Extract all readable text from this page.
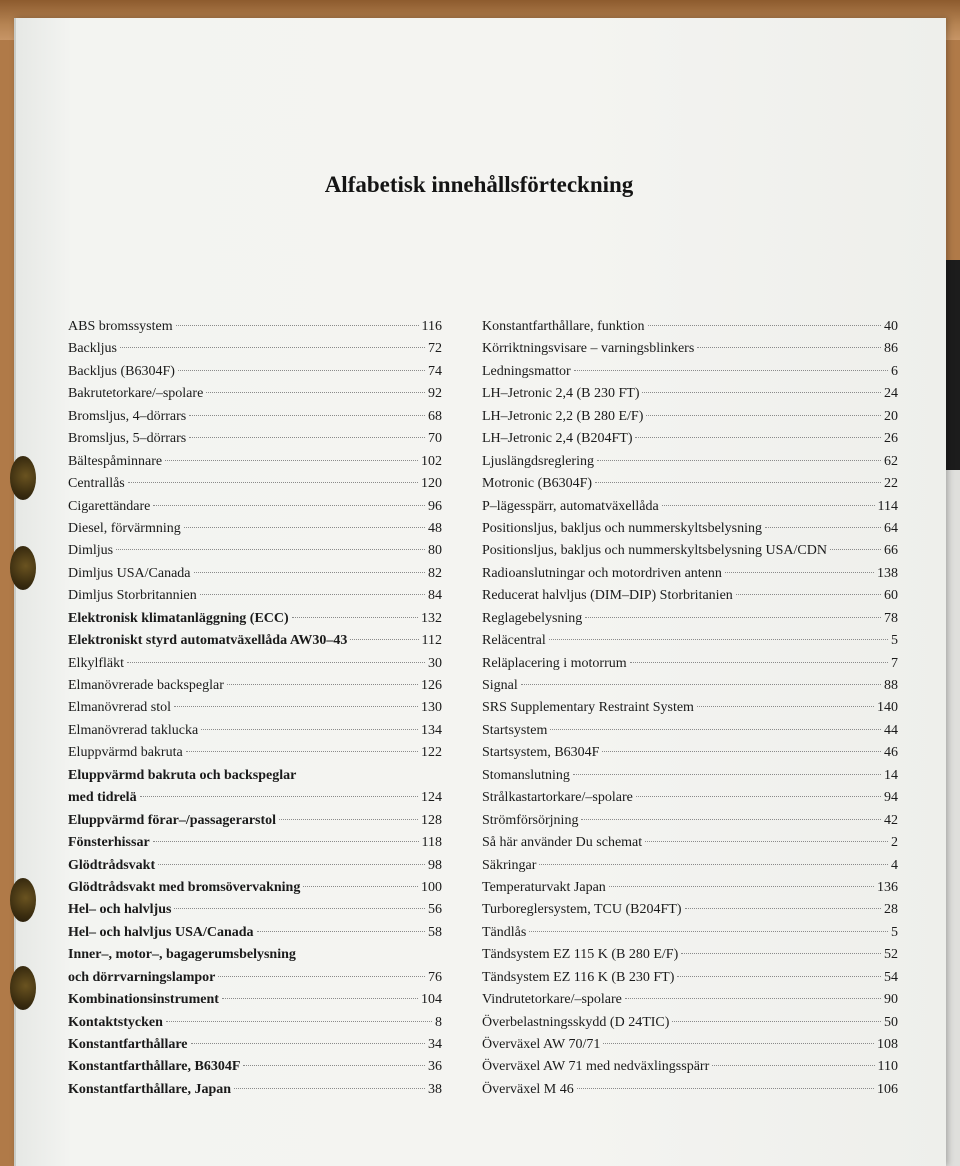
Alfabetisk innehållsförteckning
ABS bromssystem	116
Backljus	72
Backljus (B6304F)	74
Bakrutetorkare/–spolare	92
Bromsljus, 4–dörrars	68
Bromsljus, 5–dörrars	70
Bältespåminnare	102
Centrallås	120
Cigarettändare	96
Diesel, förvärmning	48
Dimljus	80
Dimljus USA/Canada	82
Dimljus Storbritannien	84
Elektronisk klimatanläggning (ECC)	132
Elektroniskt styrd automatväxellåda AW30–43	112
Elkylfläkt	30
Elmanövrerade backspeglar	126
Elmanövrerad stol	130
Elmanövrerad taklucka	134
Eluppvärmd bakruta	122
Eluppvärmd bakruta och backspeglar
med tidrelä	124
Eluppvärmd förar–/passagerarstol	128
Fönsterhissar	118
Glödtrådsvakt	98
Glödtrådsvakt med bromsövervakning	100
Hel– och halvljus	56
Hel– och halvljus USA/Canada	58
Inner–, motor–, bagagerumsbelysning
och dörrvarningslampor	76
Kombinationsinstrument	104
Kontaktstycken	8
Konstantfarthållare	34
Konstantfarthållare, B6304F	36
Konstantfarthållare, Japan	38
Konstantfarthållare, funktion	40
Körriktningsvisare – varningsblinkers	86
Ledningsmattor	6
LH–Jetronic 2,4 (B 230 FT)	24
LH–Jetronic 2,2 (B 280 E/F)	20
LH–Jetronic 2,4 (B204FT)	26
Ljuslängdsreglering	62
Motronic (B6304F)	22
P–lägesspärr, automatväxellåda	114
Positionsljus, bakljus och nummerskyltsbelysning	64
Positionsljus, bakljus och nummerskyltsbelysning USA/CDN	66
Radioanslutningar och motordriven antenn	138
Reducerat halvljus (DIM–DIP) Storbritanien	60
Reglagebelysning	78
Reläcentral	5
Reläplacering i motorrum	7
Signal	88
SRS Supplementary Restraint System	140
Startsystem	44
Startsystem, B6304F	46
Stomanslutning	14
Strålkastartorkare/–spolare	94
Strömförsörjning	42
Så här använder Du schemat	2
Säkringar	4
Temperaturvakt Japan	136
Turboreglersystem, TCU (B204FT)	28
Tändlås	5
Tändsystem EZ 115 K (B 280 E/F)	52
Tändsystem EZ 116 K (B 230 FT)	54
Vindrutetorkare/–spolare	90
Överbelastningsskydd (D 24TIC)	50
Överväxel AW 70/71	108
Överväxel AW 71 med nedväxlingsspärr	110
Överväxel M 46	106
